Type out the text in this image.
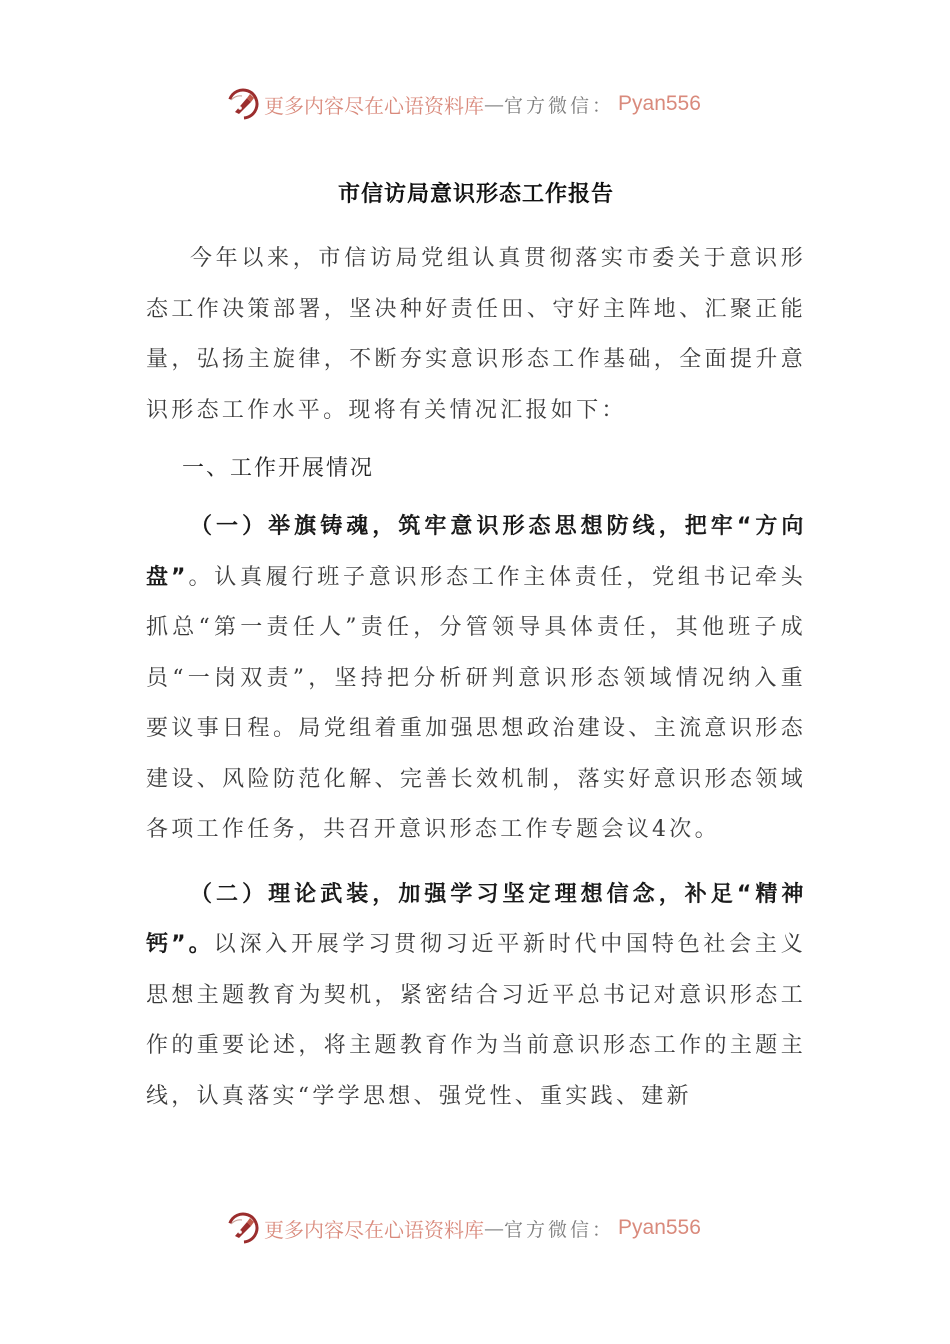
更多内容尽在心语资料库 — 官方微信： Pyan556
市信访局意识形态工作报告

今年以来，市信访局党组认真贯彻落实市委关于意识形态工作决策部署，坚决种好责任田、守好主阵地、汇聚正能量，弘扬主旋律，不断夯实意识形态工作基础，全面提升意识形态工作水平。现将有关情况汇报如下：

一、工作开展情况

（一）举旗铸魂，筑牢意识形态思想防线，把牢“方向盘”。认真履行班子意识形态工作主体责任，党组书记牵头抓总“第一责任人”责任，分管领导具体责任，其他班子成员“一岗双责”，坚持把分析研判意识形态领域情况纳入重要议事日程。局党组着重加强思想政治建设、主流意识形态建设、风险防范化解、完善长效机制，落实好意识形态领域各项工作任务，共召开意识形态工作专题会议4次。

（二）理论武装，加强学习坚定理想信念，补足“精神钙”。以深入开展学习贯彻习近平新时代中国特色社会主义思想主题教育为契机，紧密结合习近平总书记对意识形态工作的重要论述，将主题教育作为当前意识形态工作的主题主线，认真落实“学学思想、强党性、重实践、建新

更多内容尽在心语资料库 — 官方微信： Pyan556
